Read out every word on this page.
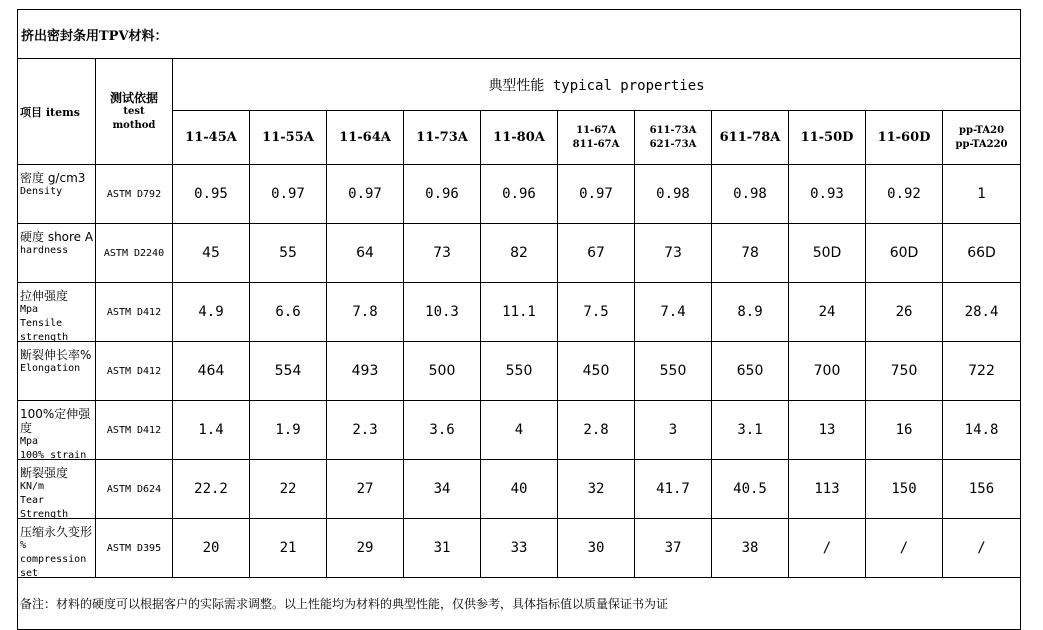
挤出密封条用TPV材料：												
项目 items	测试依据
test
mothod	典型性能 typical properties										

		11-45A	11-55A	11-64A	11-73A	11-80A	11-67A
811-67A	611-73A
621-73A	611-78A	11-50D	11-60D	pp-TA20
pp-TA220

密度 g/cm3
Density	ASTM D792	0.95	0.97	0.97	0.96	0.96	0.97	0.98	0.98	0.93	0.92	1

硬度 shore A
hardness	ASTM D2240	45	55	64	73	82	67	73	78	50D	60D	66D

拉伸强度
Mpa
Tensile
strength	ASTM D412	4.9	6.6	7.8	10.3	11.1	7.5	7.4	8.9	24	26	28.4

断裂伸长率%
Elongation	ASTM D412	464	554	493	500	550	450	550	650	700	750	722

100%定伸强度
Mpa
100% strain	ASTM D412	1.4	1.9	2.3	3.6	4	2.8	3	3.1	13	16	14.8

断裂强度
KN/m
Tear
Strength	ASTM D624	22.2	22	27	34	40	32	41.7	40.5	113	150	156

压缩永久变形
%
compression
set	ASTM D395	20	21	29	31	33	30	37	38	/	/	/
备注：材料的硬度可以根据客户的实际需求调整。以上性能均为材料的典型性能，仅供参考，具体指标值以质量保证书为证												
